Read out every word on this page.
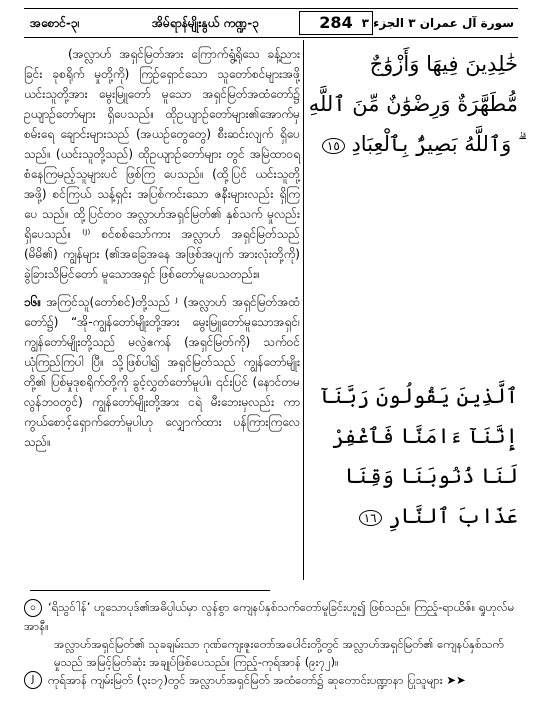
အစောင်-၃၊	အိမ်ရာန်မျိုးနွယ် ကဏ္ဍ-၃	284 سورة آل عمران ٣ الجزء ٣

(အလ္လာဟ် အရှင်မြတ်အား ကြောက်ရွံ့ရိုသေ ခန့်ညားခြင်း ခုစရိုက် မှုတို့ကို) ကြဉ်ရှောင်သော သူတော်စင်များအဖို့ ယင်းသူတို့အား မွေးမြူတော် မူသော အရှင်မြတ်အထံတော်၌ ဥယျာဉ်တော်များ ရှိပေသည်။ ထိုဥယျာဉ်တော်များ၏အောက်မှ စမ်းရေ ချောင်းများသည် (အယဉ်တွေတွေ) စီးဆင်းလျက် ရှိပေသည်။ (ယင်းသူတို့သည်) ထိုဥယျာဉ်တော်များ တွင် အမြဲထာဝရ စံနေကြမည့်သူများပင် ဖြစ်ကြ ပေသည်။ (ထို့ပြင် ယင်းသူတို့အဖို့) စင်ကြယ် သန့်ရှင်း အပြစ်ကင်းသော ဇနီးများလည်း ရှိကြပေ သည်။ ထို့ပြင်တဝ အလ္လာဟ်အရှင်မြတ်၏ နှစ်သက် မှုလည်း ရှိပေသည်။ ⁽ᴶ⁾ စင်စစ်သော်ကား အလ္လာဟ် အရှင်မြတ်သည် (မိမိ၏) ကျွန်များ (၏အခြေအနေ အဖြစ်အပျက် အားလုံးတို့ကို) ခွဲခြားသိမြင်တော် မူသောအရှင် ဖြစ်တော်မူပေသတည်း။

၁၆။ အကြင်သူ(တော်စင်)တို့သည် ᴶ (အလ္လာဟ် အရှင်မြတ်အထံတော်၌) “အို-ကျွန်တော်မျိုးတို့အား မွေးမြူတော်မူသောအရှင်၊ ကျွန်တော်မျိုးတို့သည် မလွဲဧကန် (အရှင်မြတ်ကို) သက်ဝင်ယုံကြည်ကြပါ ပြီ။ သို့ဖြစ်ပါ၍ အရှင်မြတ်သည် ကျွန်တော်မျိုးတို့၏ ပြစ်မှုဒုစရိုက်တို့ကို ခွင့်လွှတ်တော်မူပါ။ ၎င်းပြင် (နောင်တမလွန်ဘဝတွင်) ကျွန်တော်မျိုးတို့အား ငရဲ မီးဘေးမှလည်း ကာကွယ်စောင့်ရှောက်တော်မူပါဟု လျှောက်ထား ပန်ကြားကြလေသည်။

خَٰلِدِينَ فِيهَا وَأَزْوَٰجٌ مُّطَهَّرَةٌ وَرِضْوَٰنٌ مِّنَ ٱللَّهِ ۗ وَٱللَّهُ بَصِيرٌۢ بِٱلْعِبَادِ ١٥
ٱلَّذِينَ يَقُولُونَ رَبَّنَآ إِنَّنَآ ءَامَنَّا فَٱغْفِرْ لَنَا ذُنُوبَنَا وَقِنَا عَذَابَ ٱلنَّارِ ١٦

ဝ ‘ရိသွဝ်ါန်’ ဟူသောပုဒ်၏အဓိပ္ပါယ်မှာ လွန်စွာ ကျေနပ်နှစ်သက်တော်မူခြင်းဟူ၍ ဖြစ်သည်။ ကြည့်-ရာယိဇ်။ ရှုဟုလ်မအာနီ။

အလ္လာဟ်အရှင်မြတ်၏ သုခချမ်းသာ ဂုဏ်ကျေးဇူးတော်အပေါင်းတို့တွင် အလ္လာဟ်အရှင်မြတ်၏ ကျေနပ်နှစ်သက်မှုသည် အမြင့်မြတ်ဆုံး အချုပ်ဖြစ်ပေသည်။ ကြည့်-ကုရ်အာန် (၉း၇၂)။

J ကုရ်အာန် ကျမ်းမြတ် (၃း၁၇)တွင် အလ္လာဟ်အရှင်မြတ် အထံတော်၌ ဆုတောင်းပဏ္ဍာနာ ပြုသူများ ➤➤
